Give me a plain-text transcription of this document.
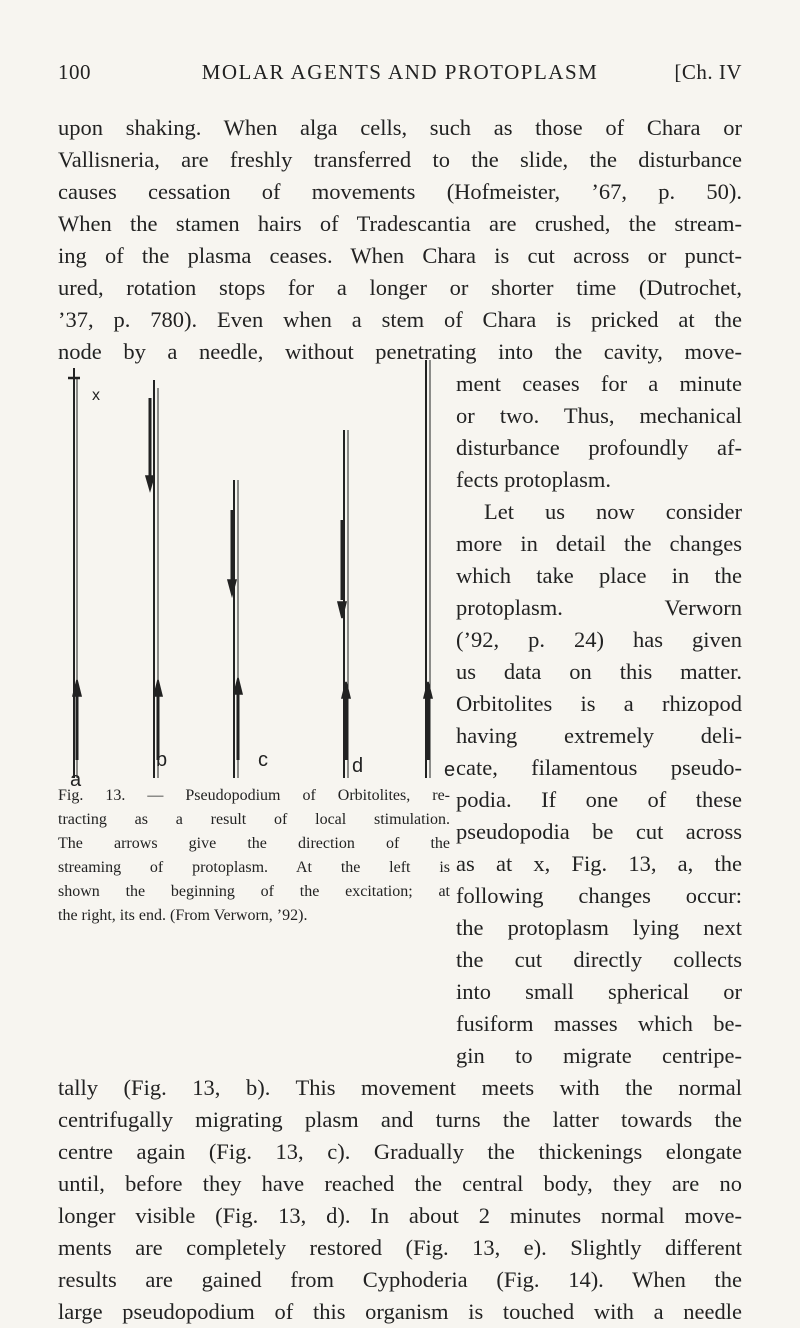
100	MOLAR AGENTS AND PROTOPLASM	[Ch. IV
upon shaking. When alga cells, such as those of Chara or
Vallisneria, are freshly transferred to the slide, the disturbance
causes cessation of movements (Hofmeister, ’67, p. 50).
When the stamen hairs of Tradescantia are crushed, the stream-
ing of the plasma ceases. When Chara is cut across or punct-
ured, rotation stops for a longer or shorter time (Dutrochet,
’37, p. 780). Even when a stem of Chara is pricked at the
node by a needle, without penetrating into the cavity, move-
ment ceases for a minute
or two. Thus, mechanical
disturbance profoundly af-
fects protoplasm.
Let us now consider
more in detail the changes
which take place in the
protoplasm. Verworn
(’92, p. 24) has given
us data on this matter.
Orbitolites is a rhizopod
having extremely deli-
cate, filamentous pseudo-
podia. If one of these
pseudopodia be cut across
as at x, Fig. 13, a, the
following changes occur:
the protoplasm lying next
the cut directly collects
into small spherical or
fusiform masses which be-
gin to migrate centripe-
tally (Fig. 13, b). This movement meets with the normal
centrifugally migrating plasm and turns the latter towards the
centre again (Fig. 13, c). Gradually the thickenings elongate
until, before they have reached the central body, they are no
longer visible (Fig. 13, d). In about 2 minutes normal move-
ments are completely restored (Fig. 13, e). Slightly different
results are gained from Cyphoderia (Fig. 14). When the
large pseudopodium of this organism is touched with a needle
x
a
b	c	d	e
Fig. 13. — Pseudopodium of Orbitolites, re-
tracting as a result of local stimulation.
The arrows give the direction of the
streaming of protoplasm. At the left is
shown the beginning of the excitation; at
the right, its end. (From Verworn, ’92).
